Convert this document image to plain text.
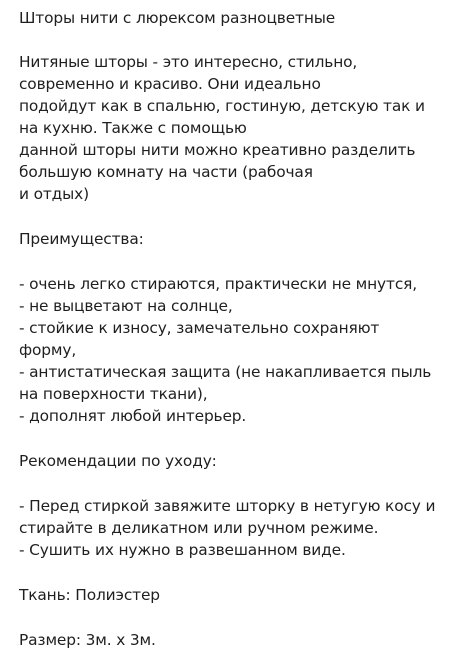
Шторы нити с люрексом разноцветные
Нитяные шторы - это интересно, стильно,
современно и красиво. Они идеально
подойдут как в спальню, гостиную, детскую так и
на кухню. Также с помощью
данной шторы нити можно креативно разделить
большую комнату на части (рабочая
и отдых)
Преимущества:
- очень легко стираются, практически не мнутся,
- не выцветают на солнце,
- стойкие к износу, замечательно сохраняют
форму,
- антистатическая защита (не накапливается пыль
на поверхности ткани),
- дополнят любой интерьер.
Рекомендации по уходу:
- Перед стиркой завяжите шторку в нетугую косу и
стирайте в деликатном или ручном режиме.
- Сушить их нужно в развешанном виде.
Ткань: Полиэстер
Размер: 3м. х 3м.
